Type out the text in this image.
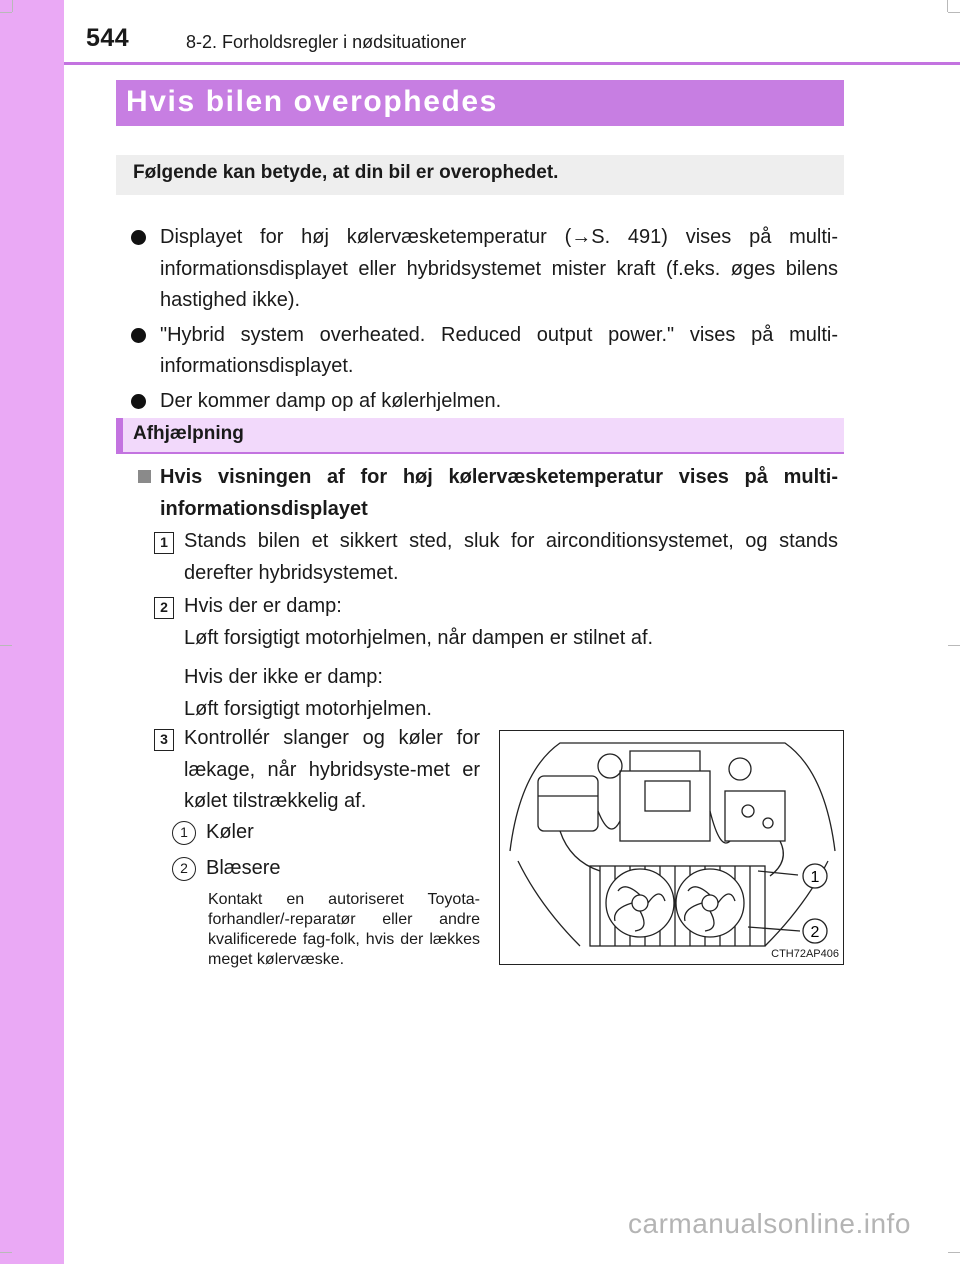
544	8-2. Forholdsregler i nødsituationer
Hvis bilen overophedes
Følgende kan betyde, at din bil er overophedet.
Displayet for høj kølervæsketemperatur (→S. 491) vises på multi-informationsdisplayet eller hybridsystemet mister kraft (f.eks. øges bilens hastighed ikke).
"Hybrid system overheated. Reduced output power." vises på multi-informationsdisplayet.
Der kommer damp op af kølerhjelmen.
Afhjælpning
Hvis visningen af for høj kølervæsketemperatur vises på multi-informationsdisplayet
1 Stands bilen et sikkert sted, sluk for airconditionsystemet, og stands derefter hybridsystemet.
2 Hvis der er damp:
Løft forsigtigt motorhjelmen, når dampen er stilnet af.
Hvis der ikke er damp:
Løft forsigtigt motorhjelmen.
3 Kontrollér slanger og køler for lækage, når hybridsyste-met er kølet tilstrækkelig af.
1 Køler
2 Blæsere
Kontakt en autoriseret Toyota-forhandler/-reparatør eller andre kvalificerede fag-folk, hvis der lækkes meget kølervæske.
1
2
CTH72AP406
carmanualsonline.info
